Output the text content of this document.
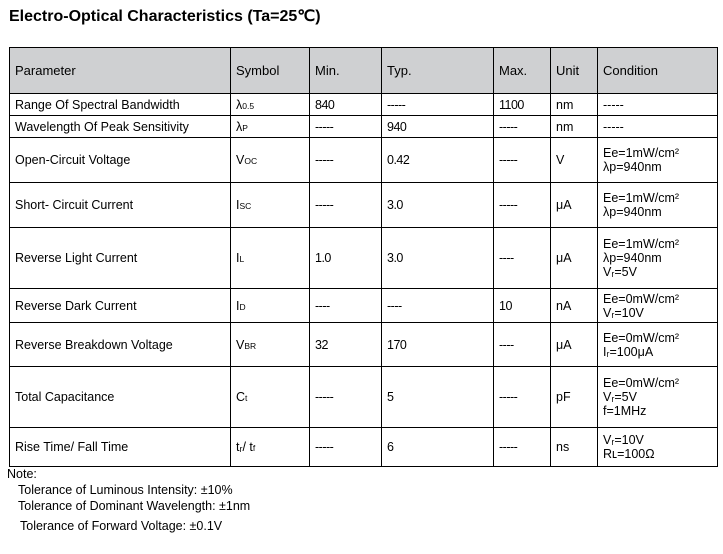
Electro-Optical Characteristics (Ta=25℃)
Parameter	Symbol	Min.	Typ.	Max.	Unit	Condition
Range Of Spectral Bandwidth	λ0.5	840	-----	1100	nm	-----

Wavelength Of Peak Sensitivity	λP	-----	940	-----	nm	-----

Open-Circuit Voltage	VOC	-----	0.42	-----	V	Ee=1mW/cm²
λp=940nm

Short- Circuit Current	ISC	-----	3.0	-----	μA	Ee=1mW/cm²
λp=940nm

Reverse Light Current	IL	1.0	3.0	----	μA	Ee=1mW/cm²
λp=940nm
Vᵣ=5V

Reverse Dark Current	ID	----	----	10	nA	Ee=0mW/cm²
Vᵣ=10V

Reverse Breakdown Voltage	VBR	32	170	----	μA	Ee=0mW/cm²
Iᵣ=100μA

Total Capacitance	Ct	-----	5	-----	pF	Ee=0mW/cm²
Vᵣ=5V
f=1MHz

Rise Time/ Fall Time	tᵣ/ tf	-----	6	-----	ns	Vᵣ=10V
Rʟ=100Ω
Note:
Tolerance of Luminous Intensity: ±10%
Tolerance of Dominant Wavelength: ±1nm
Tolerance of Forward Voltage: ±0.1V
